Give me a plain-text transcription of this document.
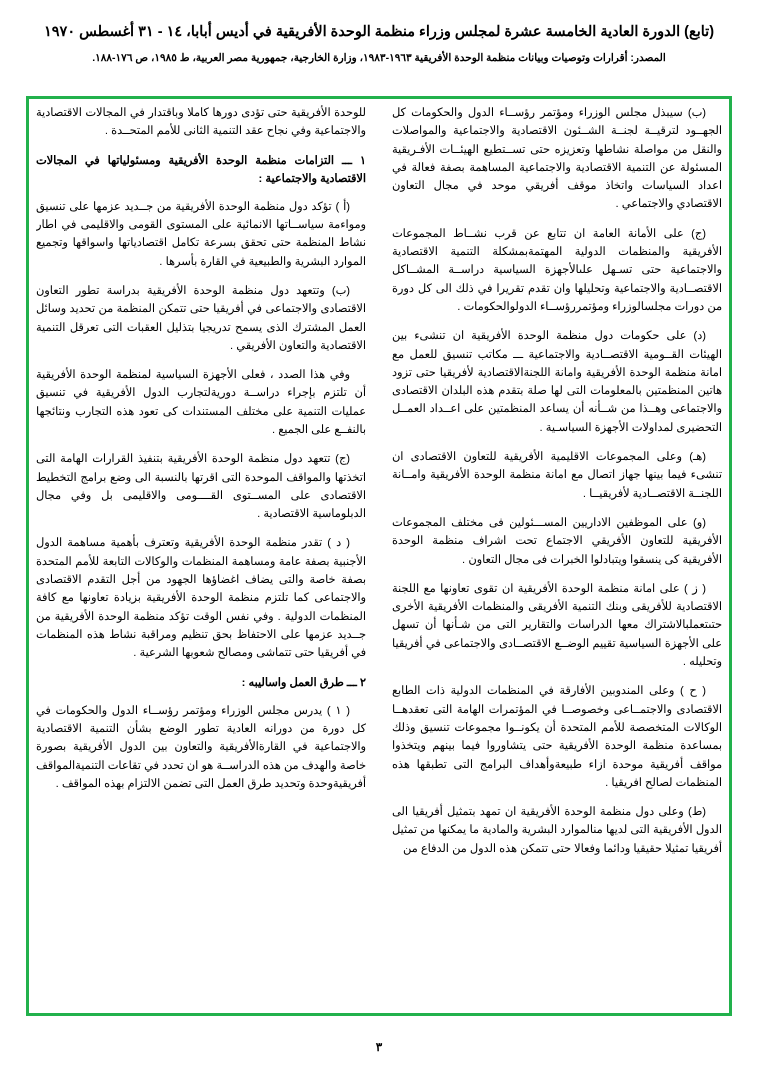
(تابع) الدورة العادية الخامسة عشرة لمجلس وزراء منظمة الوحدة الأفريقية في أديس أبابا، ١٤ - ٣١ أغسطس ١٩٧٠
المصدر: أقرارات وتوصيات وبيانات منظمة الوحدة الأفريقية ١٩٦٣-١٩٨٣، وزارة الخارجية، جمهورية مصر العربية، ط ١٩٨٥، ص ١٧٦-١٨٨.

(ب) سيبذل مجلس الوزراء ومؤتمر رؤســاء الدول والحكومات كل الجهــود لترقيــة لجنــة الشــئون الاقتصادية والاجتماعية والمواصلات والنقل من مواصلة نشاطها وتعزيزه حتى تســتطيع الهيئــات الأفـريقية المسئولة عن التنمية الاقتصادية والاجتماعية المساهمة بصفة فعالة في اعداد السياسات واتخاذ موقف أفريقي موحد في مجال التعاون الاقتصادي والاجتماعي .

(ج) على الأمانة العامة ان تتابع عن قرب نشــاط المجموعات الأفريقية والمنظمات الدولية المهتمةبمشكلة التنمية الاقتصادية والاجتماعية حتى تسـهل علىالأجهزة السياسية دراســة المشــاكل الاقتصــادية والاجتماعية وتحليلها وان تقدم تقريرا في ذلك الى كل دورة من دورات مجلسالوزراء ومؤتمررؤســاء الدولوالحكومات .

(د) على حكومات دول منظمة الوحدة الأفريقية ان تنشىء بين الهيئات القــومية الاقتصــادية والاجتماعية ـــ مكاتب تنسيق للعمل مع امانة منظمة الوحدة الأفريقية وامانة اللجنةالاقتصادية لأفريقيا حتى تزود هاتين المنظمتين بالمعلومات التى لها صلة بتقدم هذه البلدان الاقتصادى والاجتماعى وهــذا من شــأنه أن يساعد المنظمتين على اعــداد العمــل التحضيرى لمداولات الأجهزة السياسـية .

(هـ) وعلى المجموعات الاقليمية الأفريقية للتعاون الاقتصادى ان تنشىء فيما بينها جهاز اتصال مع امانة منظمة الوحدة الأفريقية وامــانة اللجنــة الاقتصــادية لأفريقيــا .

(و) على الموظفين الاداريين المســـئولين فى مختلف المجموعات الأفريقية للتعاون الأفريقي الاجتماع تحت اشراف منظمة الوحدة الأفريقية كى ينسقوا ويتبادلوا الخبرات فى مجال التعاون .

( ز ) على امانة منظمة الوحدة الأفريقية ان تقوى تعاونها مع اللجنة الاقتصادية للأفريقى وبنك التنمية الأفريقى والمنظمات الأفريقية الأخرى حتىتعملبالاشتراك معها الدراسات والتقارير التى من شـأنها أن تسهل على الأجهزة السياسية تقييم الوضــع الاقتصــادى والاجتماعى في أفريقيا وتحليله .

( ح ) وعلى المندوبين الأفارقة في المنظمات الدولية ذات الطابع الاقتصادى والاجتمــاعى وخصوصــا في المؤتمرات الهامة التى تعقدهــا الوكالات المتخصصة للأمم المتحدة أن يكونــوا مجموعات تنسيق وذلك بمساعدة منظمة الوحدة الأفريقية حتى يتشاوروا فيما بينهم ويتخذوا مواقف أفريقية موحدة ازاء طبيعةوأهداف البرامج التى تطبقها هذه المنظمات لصالح افريقيا .

(ط) وعلى دول منظمة الوحدة الأفريقية ان تمهد بتمثيل أفريقيا الى الدول الأفريقية التى لديها منالموارد البشرية والمادية ما يمكنها من تمثيل أفريقيا تمثيلا حقيقيا ودائما وفعالا حتى تتمكن هذه الدول من الدفاع من

للوحدة الأفريقية حتى تؤدى دورها كاملا وباقتدار في المجالات الاقتصادية والاجتماعية وفي نجاح عقد التنمية الثانى للأمم المتحــدة .

١ ـــ التزامات منظمة الوحدة الأفريقية ومسئولياتها في المجالات الاقتصادية والاجتماعية :

(أ ) تؤكد دول منظمة الوحدة الأفريقية من جــديد عزمها على تنسيق ومواءمة سياســاتها الانمائية على المستوى القومى والاقليمى في اطار نشاط المنظمة حتى تحقق بسرعة تكامل اقتصادياتها واسواقها وتجميع الموارد البشرية والطبيعية في القارة بأسرها .

(ب) وتتعهد دول منظمة الوحدة الأفريقية بدراسة تطور التعاون الاقتصادى والاجتماعى في أفريقيا حتى تتمكن المنظمة من تحديد وسائل العمل المشترك الذى يسمح تدريجيا بتذليل العقبات التى تعرقل التنمية الاقتصادية والتعاون الأفريقي .

وفي هذا الصدد ، فعلى الأجهزة السياسية لمنظمة الوحدة الأفريقية أن تلتزم بإجراء دراســة دوريةلتجارب الدول الأفريقية في تنسيق عمليات التنمية على مختلف المستندات كى تعود هذه التجارب ونتائجها بالنفــع على الجميع .

(ج) تتعهد دول منظمة الوحدة الأفريقية بتنفيذ القرارات الهامة التى اتخذتها والمواقف الموحدة التى اقرتها بالنسبة الى وضع برامج التخطيط الاقتصادى على المســتوى القــــومى والاقليمى بل وفي مجال الدبلوماسية الاقتصادية .

( د ) تقدر منظمة الوحدة الأفريقية وتعترف بأهمية مساهمة الدول الأجنبية بصفة عامة ومساهمة المنظمات والوكالات التابعة للأمم المتحدة بصفة خاصة والتى يضاف اغضاؤها الجهود من أجل التقدم الاقتصادى والاجتماعى كما تلتزم منظمة الوحدة الأفريقية بزيادة تعاونها مع كافة المنظمات الدولية . وفي نفس الوقت تؤكد منظمة الوحدة الأفريقية من جــديد عزمها على الاحتفاظ بحق تنظيم ومراقبة نشاط هذه المنظمات في أفريقيا حتى تتماشى ومصالح شعوبها الشرعية .

٢ ـــ طرق العمل واساليبه :

( ١ ) يدرس مجلس الوزراء ومؤتمر رؤســاء الدول والحكومات في كل دورة من دورانه العادية تطور الوضع بشأن التنمية الاقتصادية والاجتماعية في القارةالأفريقية والتعاون بين الدول الأفريقية بصورة خاصة والهدف من هذه الدراســة هو ان تحدد في تقاعات التنميةالمواقف أفريقيةوحدة وتحديد طرق العمل التى تضمن الالتزام بهذه المواقف .

٣
